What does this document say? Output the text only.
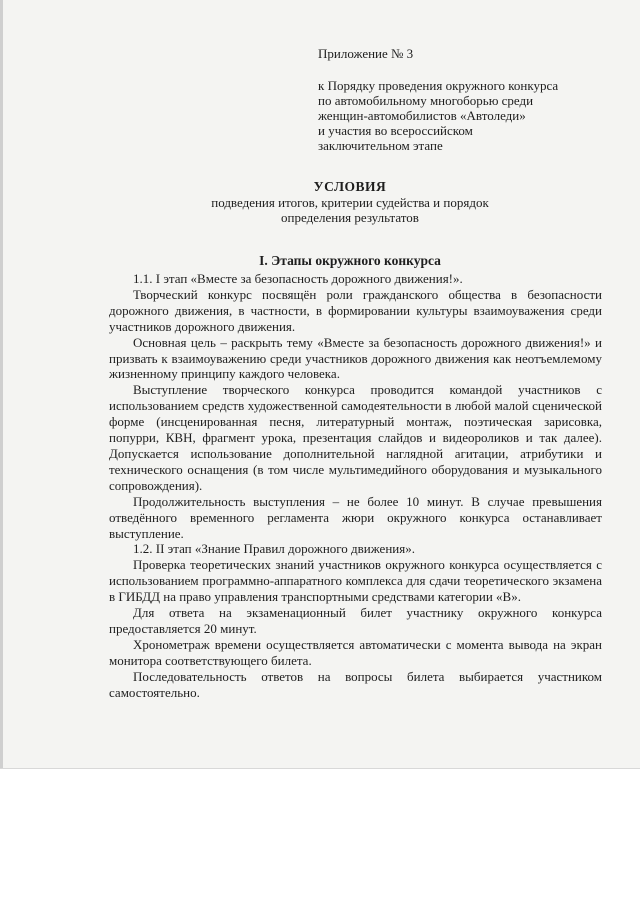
Приложение № 3
к Порядку проведения окружного конкурса
по автомобильному многоборью среди
женщин-автомобилистов «Автоледи»
и участия во всероссийском
заключительном этапе
УСЛОВИЯ
подведения итогов, критерии судейства и порядок
определения результатов
I. Этапы окружного конкурса

1.1. I этап «Вместе за безопасность дорожного движения!».

Творческий конкурс посвящён роли гражданского общества в безопасности дорожного движения, в частности, в формировании культуры взаимоуважения среди участников дорожного движения.

Основная цель – раскрыть тему «Вместе за безопасность дорожного движения!» и призвать к взаимоуважению среди участников дорожного движения как неотъемлемому жизненному принципу каждого человека.

Выступление творческого конкурса проводится командой участников с использованием средств художественной самодеятельности в любой малой сценической форме (инсценированная песня, литературный монтаж, поэтическая зарисовка, попурри, КВН, фрагмент урока, презентация слайдов и видеороликов и так далее). Допускается использование дополнительной наглядной агитации, атрибутики и технического оснащения (в том числе мультимедийного оборудования и музыкального сопровождения).

Продолжительность выступления – не более 10 минут. В случае превышения отведённого временного регламента жюри окружного конкурса останавливает выступление.

1.2. II этап «Знание Правил дорожного движения».

Проверка теоретических знаний участников окружного конкурса осуществляется с использованием программно-аппаратного комплекса для сдачи теоретического экзамена в ГИБДД на право управления транспортными средствами категории «В».

Для ответа на экзаменационный билет участнику окружного конкурса предоставляется 20 минут.

Хронометраж времени осуществляется автоматически с момента вывода на экран монитора соответствующего билета.

Последовательность ответов на вопросы билета выбирается участником самостоятельно.
